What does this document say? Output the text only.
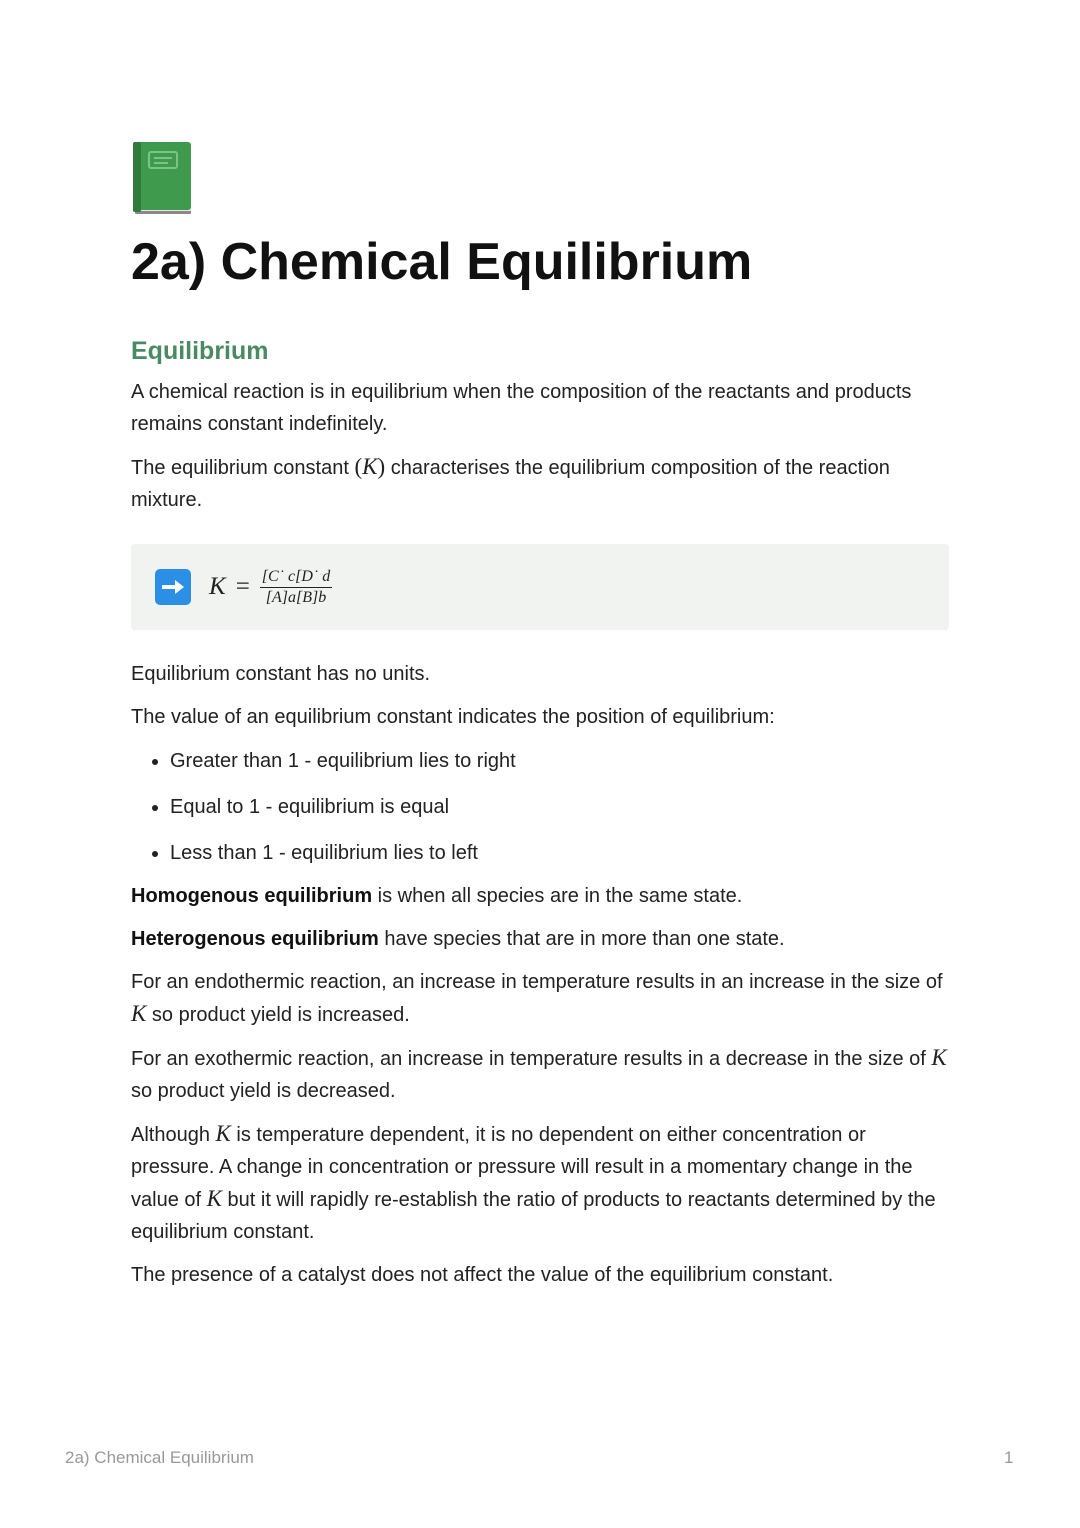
2a) Chemical Equilibrium
Equilibrium

A chemical reaction is in equilibrium when the composition of the reactants and products remains constant indefinitely.

The equilibrium constant (K) characterises the equilibrium composition of the reaction mixture.

$K = \frac{[C˙ c[D˙ d}{[A]a[B]b}$

Equilibrium constant has no units.

The value of an equilibrium constant indicates the position of equilibrium:

• Greater than 1 - equilibrium lies to right
• Equal to 1 - equilibrium is equal
• Less than 1 - equilibrium lies to left

Homogenous equilibrium is when all species are in the same state.

Heterogenous equilibrium have species that are in more than one state.

For an endothermic reaction, an increase in temperature results in an increase in the size of K so product yield is increased.

For an exothermic reaction, an increase in temperature results in a decrease in the size of K so product yield is decreased.

Although K is temperature dependent, it is no dependent on either concentration or pressure. A change in concentration or pressure will result in a momentary change in the value of K but it will rapidly re-establish the ratio of products to reactants determined by the equilibrium constant.

The presence of a catalyst does not affect the value of the equilibrium constant.

2a) Chemical Equilibrium	1
